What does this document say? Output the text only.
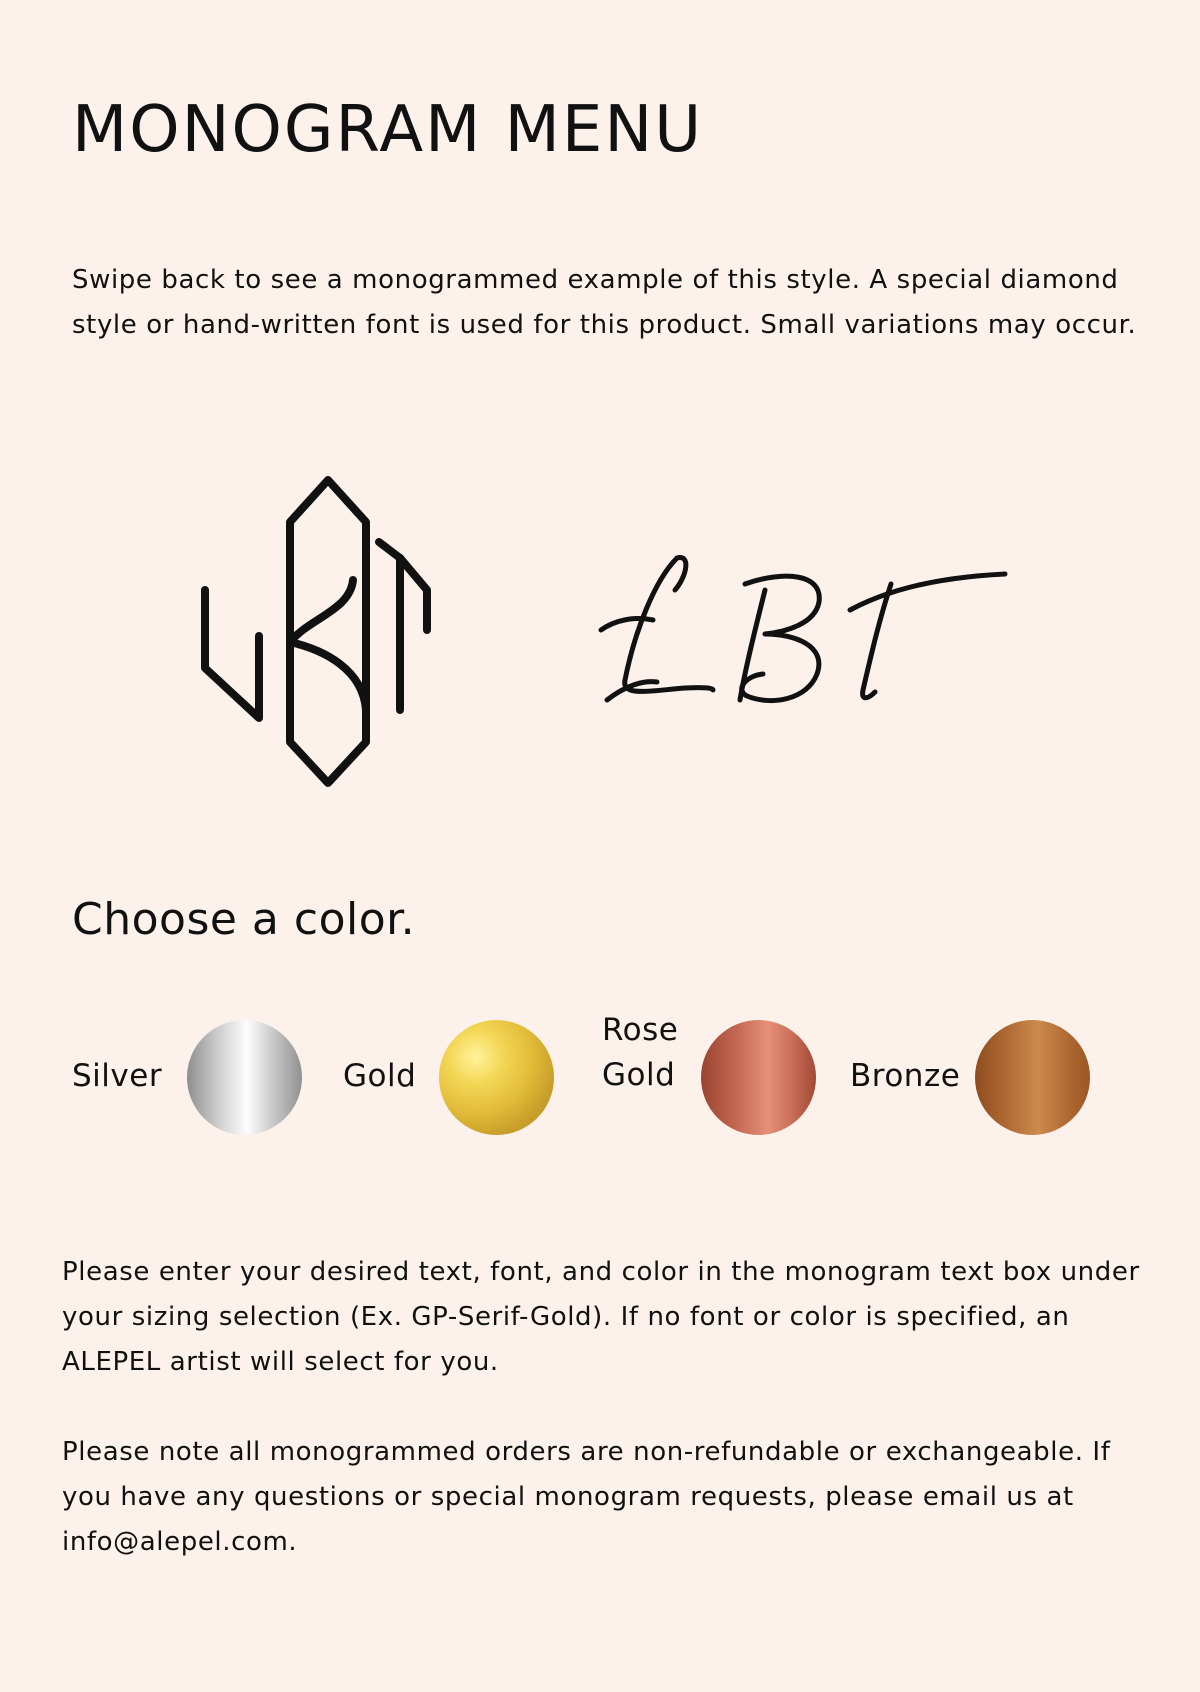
MONOGRAM MENU

Swipe back to see a monogrammed example of this style. A special diamond style or hand-written font is used for this product. Small variations may occur.

Choose a color.
Silver	Gold
Rose
Gold	Bronze

Please enter your desired text, font, and color in the monogram text box under your sizing selection (Ex. GP-Serif-Gold). If no font or color is specified, an ALEPEL artist will select for you.

Please note all monogrammed orders are non-refundable or exchangeable. If you have any questions or special monogram requests, please email us at info@alepel.com.
